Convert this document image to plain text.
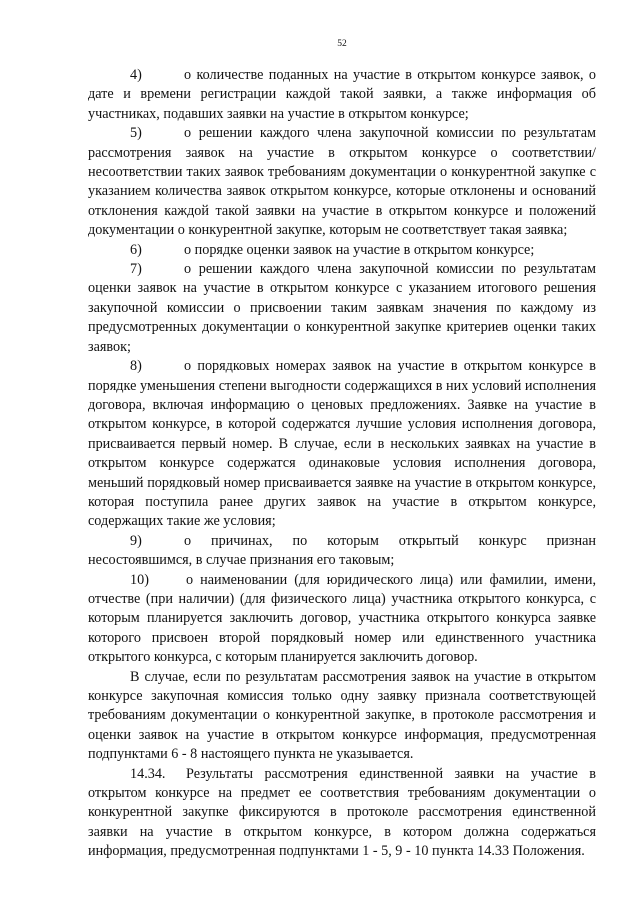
52

4)	о количестве поданных на участие в открытом конкурсе заявок, о дате и времени регистрации каждой такой заявки, а также информация об участниках, подавших заявки на участие в открытом конкурсе;

5)	о решении каждого члена закупочной комиссии по результатам рассмотрения заявок на участие в открытом конкурсе о соответствии/несоответствии таких заявок требованиям документации о конкурентной закупке с указанием количества заявок открытом конкурсе, которые отклонены и оснований отклонения каждой такой заявки на участие в открытом конкурсе и положений документации о конкурентной закупке, которым не соответствует такая заявка;

6)	о порядке оценки заявок на участие в открытом конкурсе;

7)	о решении каждого члена закупочной комиссии по результатам оценки заявок на участие в открытом конкурсе с указанием итогового решения закупочной комиссии о присвоении таким заявкам значения по каждому из предусмотренных документации о конкурентной закупке критериев оценки таких заявок;

8)	о порядковых номерах заявок на участие в открытом конкурсе в порядке уменьшения степени выгодности содержащихся в них условий исполнения договора, включая информацию о ценовых предложениях. Заявке на участие в открытом конкурсе, в которой содержатся лучшие условия исполнения договора, присваивается первый номер. В случае, если в нескольких заявках на участие в открытом конкурсе содержатся одинаковые условия исполнения договора, меньший порядковый номер присваивается заявке на участие в открытом конкурсе, которая поступила ранее других заявок на участие в открытом конкурсе, содержащих такие же условия;

9)	о причинах, по которым открытый конкурс признан несостоявшимся, в случае признания его таковым;

10)	о наименовании (для юридического лица) или фамилии, имени, отчестве (при наличии) (для физического лица) участника открытого конкурса, с которым планируется заключить договор, участника открытого конкурса заявке которого присвоен второй порядковый номер или единственного участника открытого конкурса, с которым планируется заключить договор.

В случае, если по результатам рассмотрения заявок на участие в открытом конкурсе закупочная комиссия только одну заявку признала соответствующей требованиям документации о конкурентной закупке, в протоколе рассмотрения и оценки заявок на участие в открытом конкурсе информация, предусмотренная подпунктами 6 - 8 настоящего пункта не указывается.

14.34. Результаты рассмотрения единственной заявки на участие в открытом конкурсе на предмет ее соответствия требованиям документации о конкурентной закупке фиксируются в протоколе рассмотрения единственной заявки на участие в открытом конкурсе, в котором должна содержаться информация, предусмотренная подпунктами 1 - 5, 9 - 10 пункта 14.33 Положения.
